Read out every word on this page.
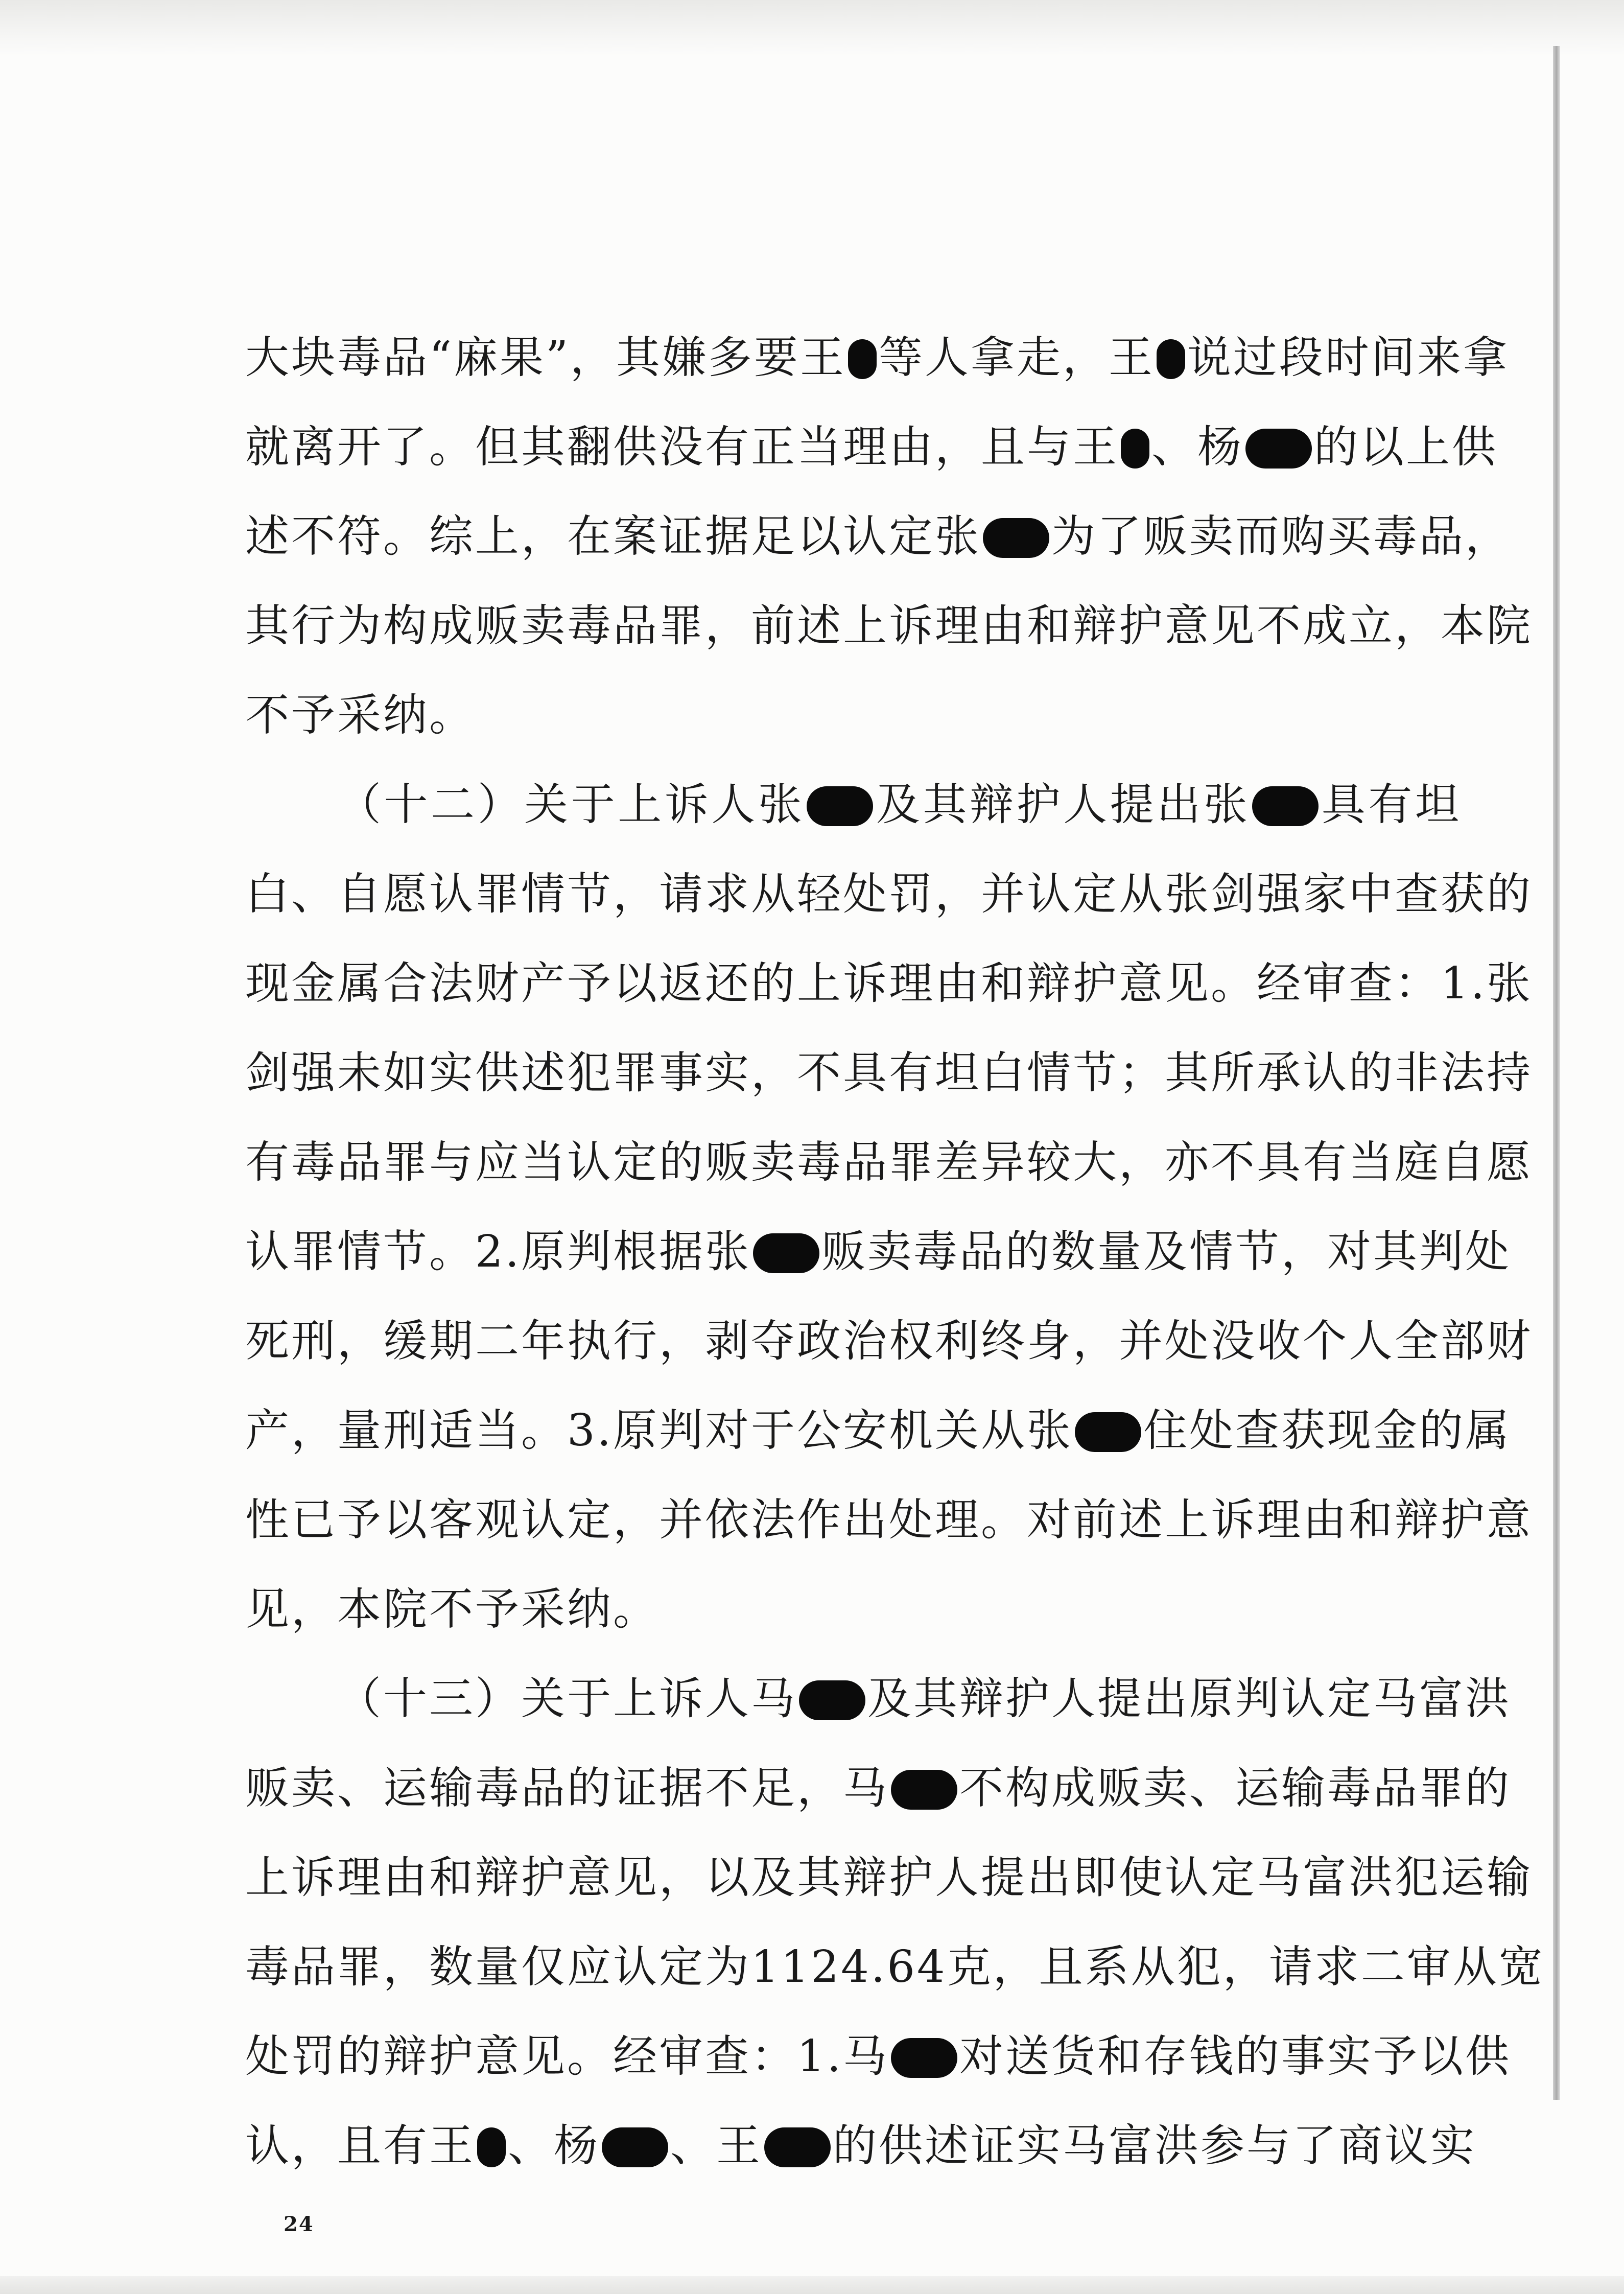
大块毒品“麻果”，其嫌多要王 等人拿走，王 说过段时间来拿
就离开了。但其翻供没有正当理由，且与王 、杨 的以上供
述不符。综上，在案证据足以认定张 为了贩卖而购买毒品，
其行为构成贩卖毒品罪，前述上诉理由和辩护意见不成立，本院
不予采纳。
（十二）关于上诉人张 及其辩护人提出张 具有坦
白、自愿认罪情节，请求从轻处罚，并认定从张剑强家中查获的
现金属合法财产予以返还的上诉理由和辩护意见。经审查：1.张
剑强未如实供述犯罪事实，不具有坦白情节；其所承认的非法持
有毒品罪与应当认定的贩卖毒品罪差异较大，亦不具有当庭自愿
认罪情节。2.原判根据张 贩卖毒品的数量及情节，对其判处
死刑，缓期二年执行，剥夺政治权利终身，并处没收个人全部财
产，量刑适当。3.原判对于公安机关从张 住处查获现金的属
性已予以客观认定，并依法作出处理。对前述上诉理由和辩护意
见，本院不予采纳。
（十三）关于上诉人马 及其辩护人提出原判认定马富洪
贩卖、运输毒品的证据不足，马 不构成贩卖、运输毒品罪的
上诉理由和辩护意见，以及其辩护人提出即使认定马富洪犯运输
毒品罪，数量仅应认定为1124.64克，且系从犯，请求二审从宽
处罚的辩护意见。经审查：1.马 对送货和存钱的事实予以供
认，且有王 、杨 、王 的供述证实马富洪参与了商议实
24
